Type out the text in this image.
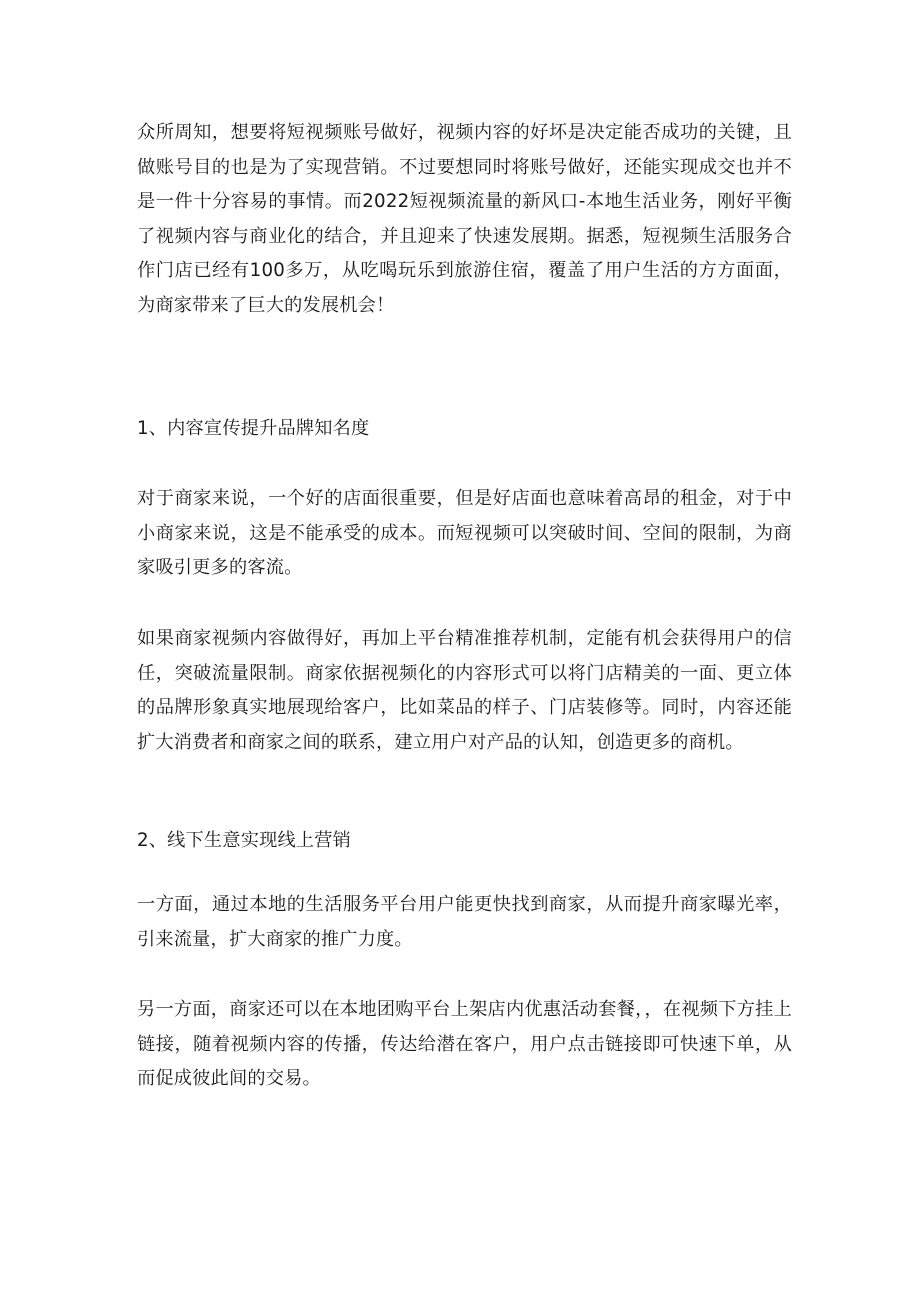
众所周知，想要将短视频账号做好，视频内容的好坏是决定能否成功的关键，且做账号目的也是为了实现营销。不过要想同时将账号做好，还能实现成交也并不是一件十分容易的事情。而2022短视频流量的新风口-本地生活业务，刚好平衡了视频内容与商业化的结合，并且迎来了快速发展期。据悉，短视频生活服务合作门店已经有100多万，从吃喝玩乐到旅游住宿，覆盖了用户生活的方方面面，为商家带来了巨大的发展机会！

1、内容宣传提升品牌知名度

对于商家来说，一个好的店面很重要，但是好店面也意味着高昂的租金，对于中小商家来说，这是不能承受的成本。而短视频可以突破时间、空间的限制，为商家吸引更多的客流。

如果商家视频内容做得好，再加上平台精准推荐机制，定能有机会获得用户的信任，突破流量限制。商家依据视频化的内容形式可以将门店精美的一面、更立体的品牌形象真实地展现给客户，比如菜品的样子、门店装修等。同时，内容还能扩大消费者和商家之间的联系，建立用户对产品的认知，创造更多的商机。

2、线下生意实现线上营销

一方面，通过本地的生活服务平台用户能更快找到商家，从而提升商家曝光率，引来流量，扩大商家的推广力度。

另一方面，商家还可以在本地团购平台上架店内优惠活动套餐，，在视频下方挂上链接，随着视频内容的传播，传达给潜在客户，用户点击链接即可快速下单，从而促成彼此间的交易。
